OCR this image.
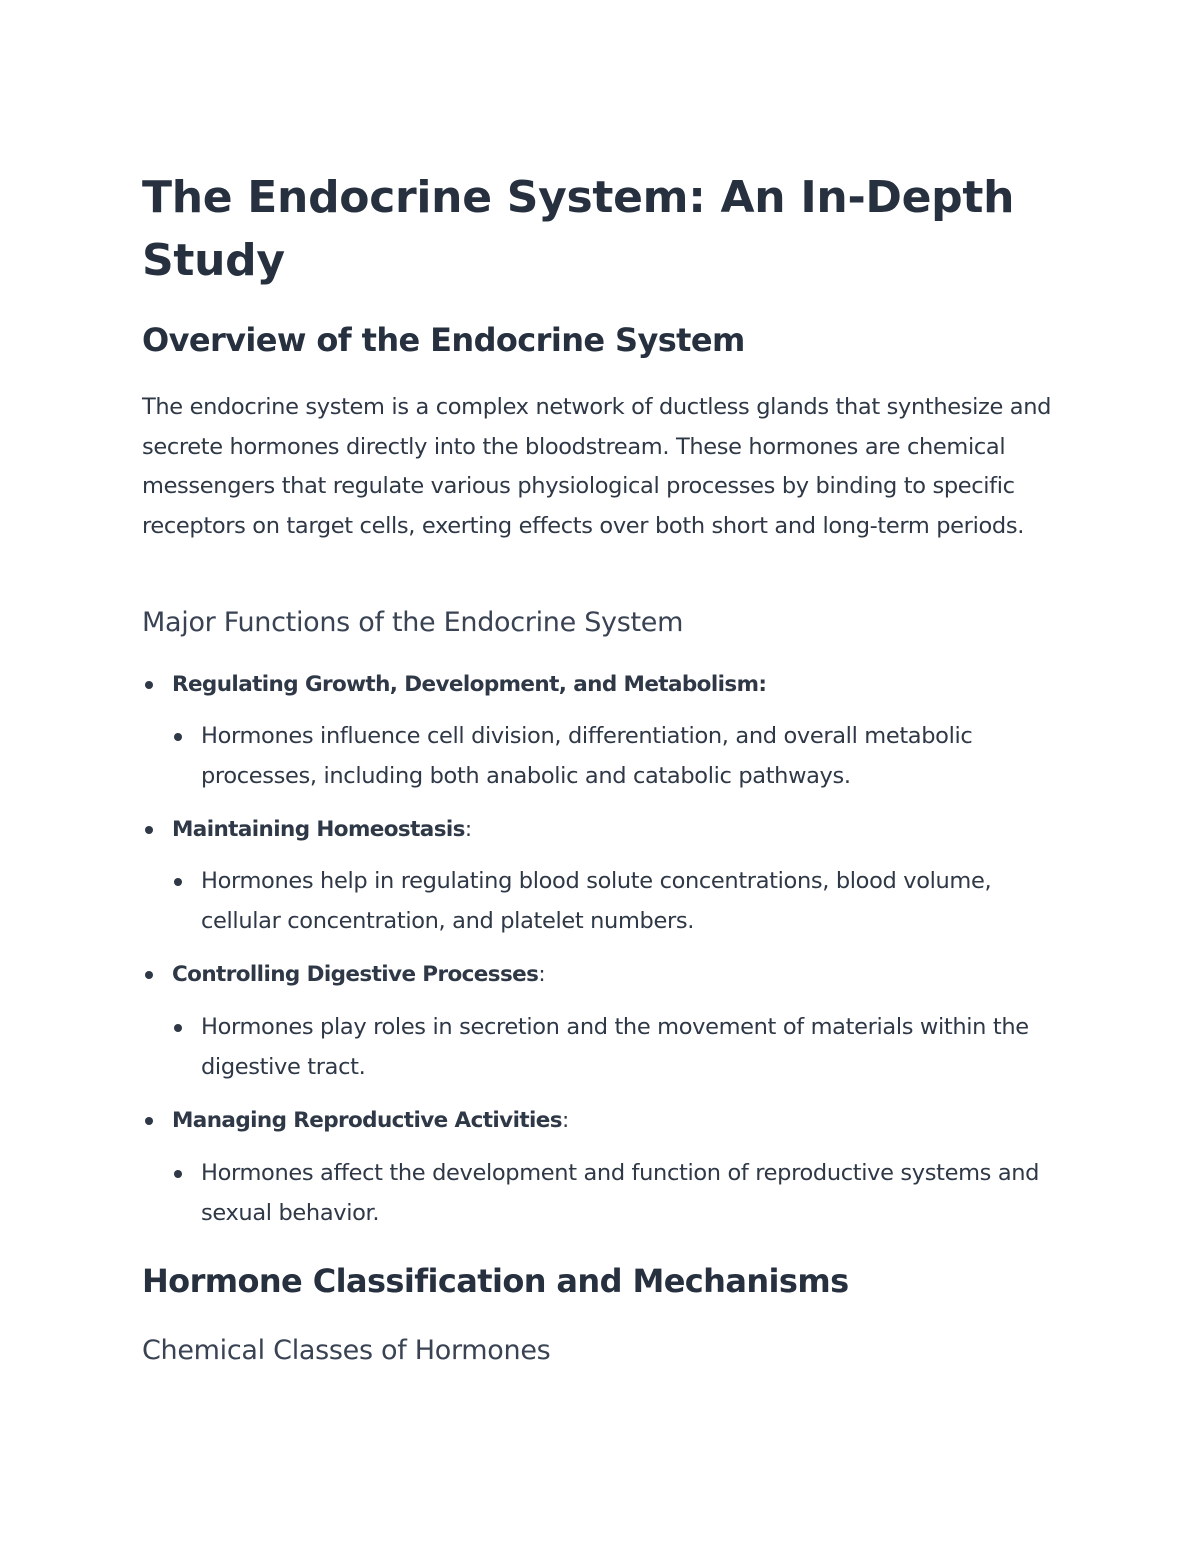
The Endocrine System: An In-Depth Study
Overview of the Endocrine System

The endocrine system is a complex network of ductless glands that synthesize and secrete hormones directly into the bloodstream. These hormones are chemical messengers that regulate various physiological processes by binding to specific receptors on target cells, exerting effects over both short and long-term periods.

Major Functions of the Endocrine System
Regulating Growth, Development, and Metabolism:
Hormones influence cell division, differentiation, and overall metabolic processes, including both anabolic and catabolic pathways.
Maintaining Homeostasis:
Hormones help in regulating blood solute concentrations, blood volume, cellular concentration, and platelet numbers.
Controlling Digestive Processes:
Hormones play roles in secretion and the movement of materials within the digestive tract.
Managing Reproductive Activities:
Hormones affect the development and function of reproductive systems and sexual behavior.
Hormone Classification and Mechanisms
Chemical Classes of Hormones
